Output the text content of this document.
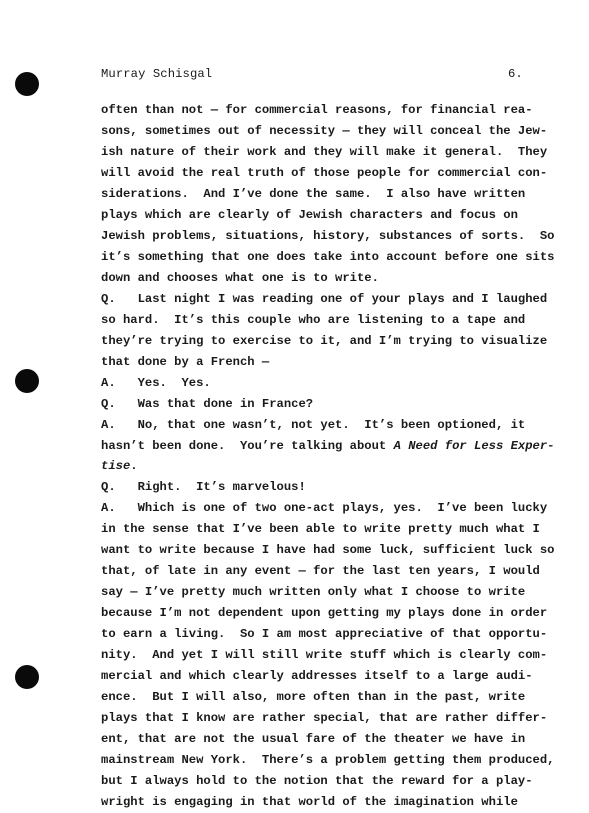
Murray Schisgal	6.
often than not — for commercial reasons, for financial rea-
sons, sometimes out of necessity — they will conceal the Jew-
ish nature of their work and they will make it general.  They
will avoid the real truth of those people for commercial con-
siderations.  And I’ve done the same.  I also have written
plays which are clearly of Jewish characters and focus on
Jewish problems, situations, history, substances of sorts.  So
it’s something that one does take into account before one sits
down and chooses what one is to write.
Q.   Last night I was reading one of your plays and I laughed
so hard.  It’s this couple who are listening to a tape and
they’re trying to exercise to it, and I’m trying to visualize
that done by a French —
A.   Yes.  Yes.
Q.   Was that done in France?
A.   No, that one wasn’t, not yet.  It’s been optioned, it
hasn’t been done.  You’re talking about A Need for Less Exper-
tise.
Q.   Right.  It’s marvelous!
A.   Which is one of two one-act plays, yes.  I’ve been lucky
in the sense that I’ve been able to write pretty much what I
want to write because I have had some luck, sufficient luck so
that, of late in any event — for the last ten years, I would
say — I’ve pretty much written only what I choose to write
because I’m not dependent upon getting my plays done in order
to earn a living.  So I am most appreciative of that opportu-
nity.  And yet I will still write stuff which is clearly com-
mercial and which clearly addresses itself to a large audi-
ence.  But I will also, more often than in the past, write
plays that I know are rather special, that are rather differ-
ent, that are not the usual fare of the theater we have in
mainstream New York.  There’s a problem getting them produced,
but I always hold to the notion that the reward for a play-
wright is engaging in that world of the imagination while
